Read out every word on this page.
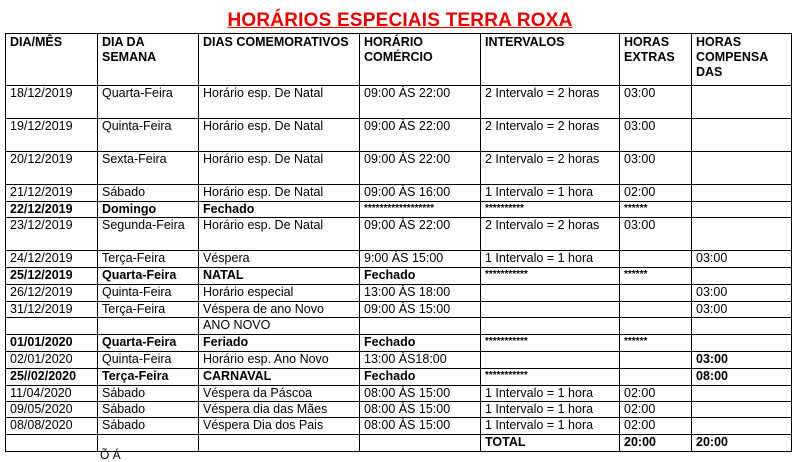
HORÁRIOS ESPECIAIS TERRA ROXA
DIA/MÊS	DIA DA SEMANA	DIAS COMEMORATIVOS	HORÁRIO COMÉRCIO	INTERVALOS	HORAS EXTRAS	HORAS COMPENSA DAS
18/12/2019	Quarta-Feira	Horário esp. De Natal	09:00 ÀS 22:00	2 Intervalo = 2 horas	03:00	
19/12/2019	Quinta-Feira	Horário esp. De Natal	09:00 ÀS 22:00	2 Intervalo = 2 horas	03:00	
20/12/2019	Sexta-Feira	Horário esp. De Natal	09:00 ÀS 22:00	2 Intervalo = 2 horas	03:00	
21/12/2019	Sábado	Horário esp. De Natal	09:00 ÀS 16:00	1 Intervalo = 1 hora	02:00	
22/12/2019	Domingo	Fechado	******************	**********	******	
23/12/2019	Segunda-Feira	Horário esp. De Natal	09:00 ÀS 22:00	2 Intervalo = 2 horas	03:00	
24/12/2019	Terça-Feira	Véspera	9:00 ÀS 15:00	1 Intervalo = 1 hora		03:00
25/12/2019	Quarta-Feira	NATAL	Fechado	***********	******	
26/12/2019	Quinta-Feira	Horário especial	13:00 ÀS 18:00			03:00
31/12/2019	Terça-Feira	Véspera de ano Novo	09:00 ÀS 15:00			03:00
		ANO NOVO				
01/01/2020	Quarta-Feira	Feriado	Fechado	***********	******	
02/01/2020	Quinta-Feira	Horário esp. Ano Novo	13:00 ÀS18:00			03:00
25//02/2020	Terça-Feira	CARNAVAL	Fechado	***********		08:00
11/04/2020	Sábado	Véspera da Páscoa	08:00 ÀS 15:00	1 Intervalo = 1 hora	02:00	
09/05/2020	Sábado	Véspera dia das Mães	08:00 ÀS 15:00	1 Intervalo = 1 hora	02:00	
08/08/2020	Sábado	Véspera Dia dos Pais	08:00 ÀS 15:00	1 Intervalo = 1 hora	02:00	
				TOTAL	20:00	20:00
Õ Á
